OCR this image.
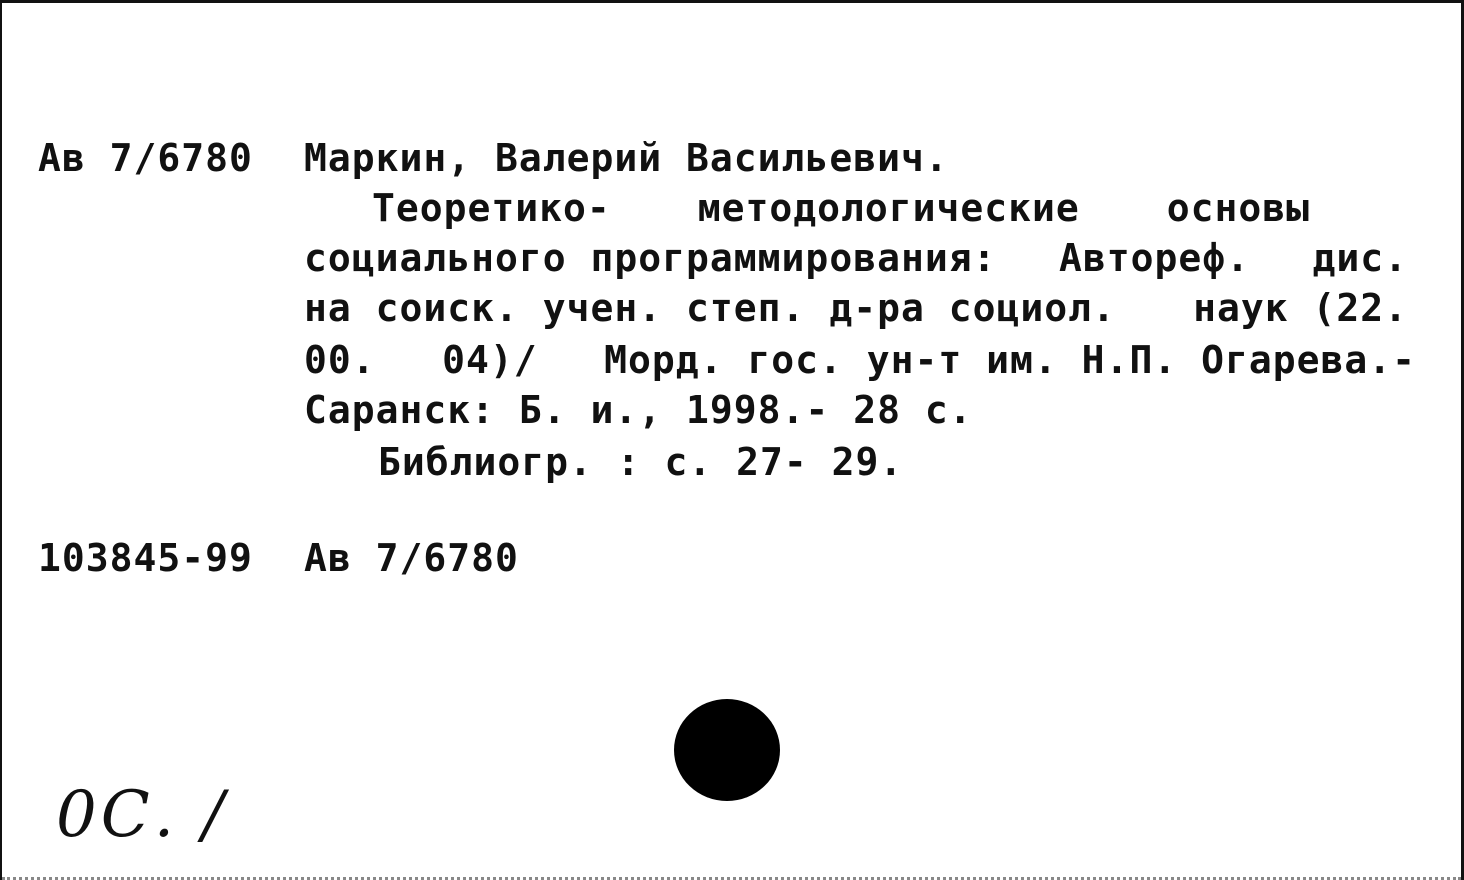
Ав 7/6780 Маркин, Валерий Васильевич.
Теоретико- методологические основы
социального программирования: Автореф. дис.
на соиск. учен. степ. д-ра социол. наук (22.
00. 04)/ Морд. гос. ун-т им. Н.П. Огарева.-
Саранск: Б. и., 1998.- 28 с.
Библиогр. : с. 27- 29.
103845-99 Ав 7/6780
0С. /
